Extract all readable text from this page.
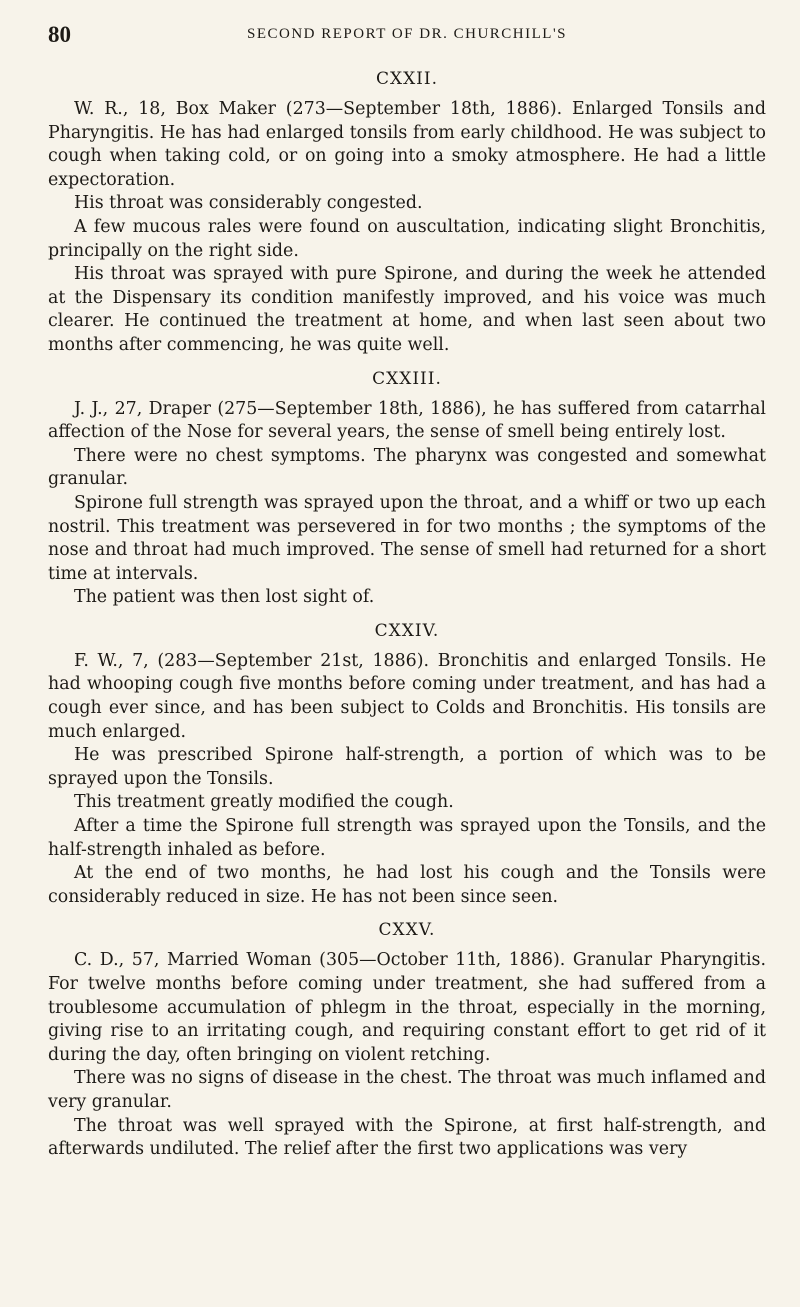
80	SECOND REPORT OF DR. CHURCHILL'S
CXXII.

W. R., 18, Box Maker (273—September 18th, 1886). Enlarged Tonsils and Pharyngitis. He has had enlarged tonsils from early childhood. He was subject to cough when taking cold, or on going into a smoky atmosphere. He had a little expectoration.

His throat was considerably congested.

A few mucous rales were found on auscultation, indicating slight Bronchitis, principally on the right side.

His throat was sprayed with pure Spirone, and during the week he attended at the Dispensary its condition manifestly improved, and his voice was much clearer. He continued the treatment at home, and when last seen about two months after commencing, he was quite well.

CXXIII.

J. J., 27, Draper (275—September 18th, 1886), he has suffered from catarrhal affection of the Nose for several years, the sense of smell being entirely lost.

There were no chest symptoms. The pharynx was congested and somewhat granular.

Spirone full strength was sprayed upon the throat, and a whiff or two up each nostril. This treatment was persevered in for two months ; the symptoms of the nose and throat had much improved. The sense of smell had returned for a short time at intervals.

The patient was then lost sight of.

CXXIV.

F. W., 7, (283—September 21st, 1886). Bronchitis and enlarged Tonsils. He had whooping cough five months before coming under treatment, and has had a cough ever since, and has been subject to Colds and Bronchitis. His tonsils are much enlarged.

He was prescribed Spirone half-strength, a portion of which was to be sprayed upon the Tonsils.

This treatment greatly modified the cough.

After a time the Spirone full strength was sprayed upon the Tonsils, and the half-strength inhaled as before.

At the end of two months, he had lost his cough and the Tonsils were considerably reduced in size. He has not been since seen.

CXXV.

C. D., 57, Married Woman (305—October 11th, 1886). Granular Pharyngitis. For twelve months before coming under treatment, she had suffered from a troublesome accumulation of phlegm in the throat, especially in the morning, giving rise to an irritating cough, and requiring constant effort to get rid of it during the day, often bringing on violent retching.

There was no signs of disease in the chest. The throat was much inflamed and very granular.

The throat was well sprayed with the Spirone, at first half-strength, and afterwards undiluted. The relief after the first two applications was very
